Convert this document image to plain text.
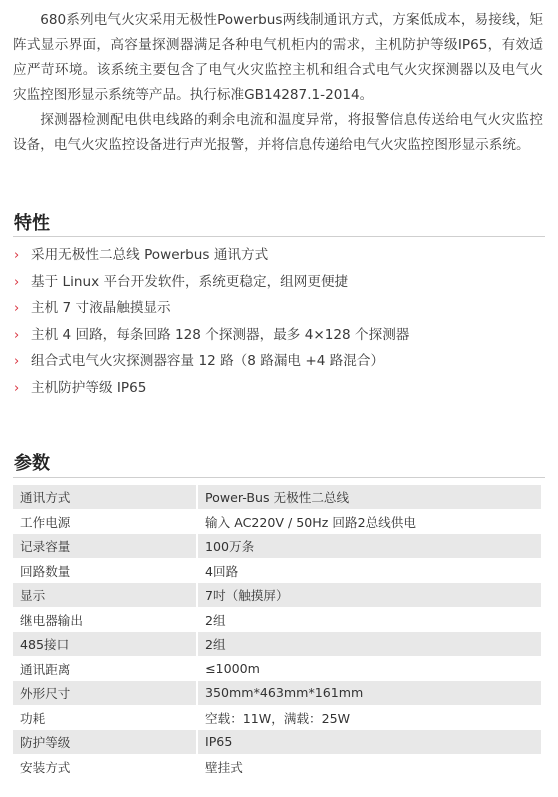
680系列电气火灾采用无极性Powerbus两线制通讯方式，方案低成本，易接线，矩阵式显示界面，高容量探测器满足各种电气机柜内的需求，主机防护等级IP65，有效适应严苛环境。该系统主要包含了电气火灾监控主机和组合式电气火灾探测器以及电气火灾监控图形显示系统等产品。执行标准GB14287.1-2014。

探测器检测配电供电线路的剩余电流和温度异常，将报警信息传送给电气火灾监控设备，电气火灾监控设备进行声光报警，并将信息传递给电气火灾监控图形显示系统。

特性
› 采用无极性二总线 Powerbus 通讯方式
› 基于 Linux 平台开发软件，系统更稳定，组网更便捷
› 主机 7 寸液晶触摸显示
› 主机 4 回路，每条回路 128 个探测器，最多 4×128 个探测器
› 组合式电气火灾探测器容量 12 路（8 路漏电 +4 路混合）
› 主机防护等级 IP65
参数
通讯方式	Power-Bus 无极性二总线
工作电源	输入 AC220V / 50Hz 回路2总线供电
记录容量	100万条
回路数量	4回路
显示	7吋（触摸屏）
继电器输出	2组
485接口	2组
通讯距离	≤1000m
外形尺寸	350mm*463mm*161mm
功耗	空载：11W，满载：25W
防护等级	IP65
安装方式	壁挂式
